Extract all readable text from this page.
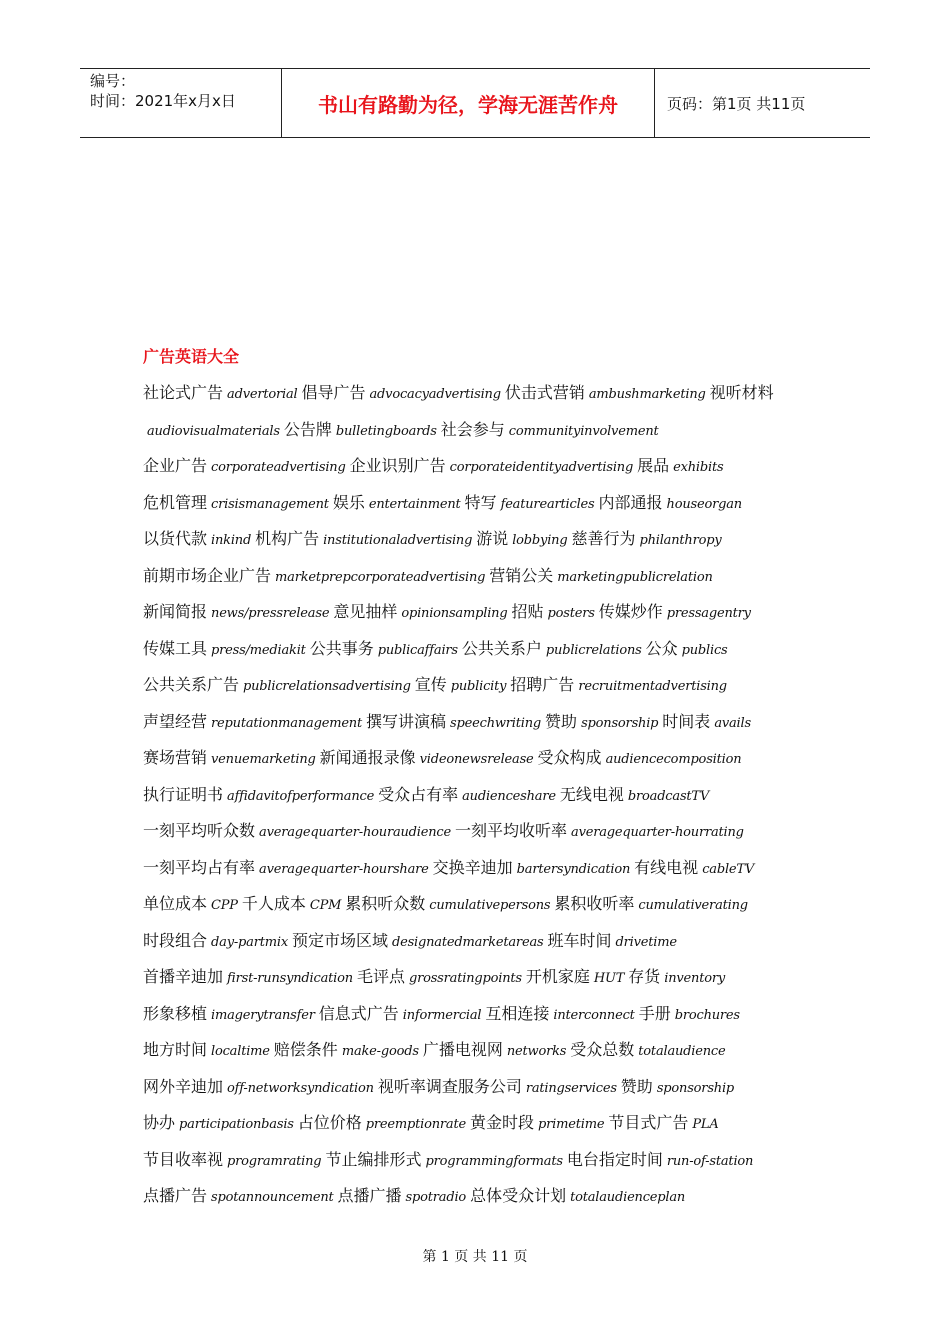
编号：
时间：2021年x月x日	书山有路勤为径，学海无涯苦作舟	页码：第1页 共11页
广告英语大全
社论式广告 advertorial 倡导广告 advocacyadvertising 伏击式营销 ambushmarketing 视听材料
audiovisualmaterials 公告牌 bulletingboards 社会参与 communityinvolvement
企业广告 corporateadvertising 企业识别广告 corporateidentityadvertising 展品 exhibits
危机管理 crisismanagement 娱乐 entertainment 特写 featurearticles 内部通报 houseorgan
以货代款 inkind 机构广告 institutionaladvertising 游说 lobbying 慈善行为 philanthropy
前期市场企业广告 marketprepcorporateadvertising 营销公关 marketingpublicrelation
新闻简报 news/pressrelease 意见抽样 opinionsampling 招贴 posters 传媒炒作 pressagentry
传媒工具 press/mediakit 公共事务 publicaffairs 公共关系户 publicrelations 公众 publics
公共关系广告 publicrelationsadvertising 宣传 publicity 招聘广告 recruitmentadvertising
声望经营 reputationmanagement 撰写讲演稿 speechwriting 赞助 sponsorship 时间表 avails
赛场营销 venuemarketing 新闻通报录像 videonewsrelease 受众构成 audiencecomposition
执行证明书 affidavitofperformance 受众占有率 audienceshare 无线电视 broadcastTV
一刻平均听众数 averagequarter-houraudience 一刻平均收听率 averagequarter-hourrating
一刻平均占有率 averagequarter-hourshare 交换辛迪加 bartersyndication 有线电视 cableTV
单位成本 CPP 千人成本 CPM 累积听众数 cumulativepersons 累积收听率 cumulativerating
时段组合 day-partmix 预定市场区域 designatedmarketareas 班车时间 drivetime
首播辛迪加 first-runsyndication 毛评点 grossratingpoints 开机家庭 HUT 存货 inventory
形象移植 imagerytransfer 信息式广告 informercial 互相连接 interconnect 手册 brochures
地方时间 localtime 赔偿条件 make-goods 广播电视网 networks 受众总数 totalaudience
网外辛迪加 off-networksyndication 视听率调查服务公司 ratingservices 赞助 sponsorship
协办 participationbasis 占位价格 preemptionrate 黄金时段 primetime 节目式广告 PLA
节目收率视 programrating 节止编排形式 programmingformats 电台指定时间 run-of-station
点播广告 spotannouncement 点播广播 spotradio 总体受众计划 totalaudienceplan
第 1 页 共 11 页
